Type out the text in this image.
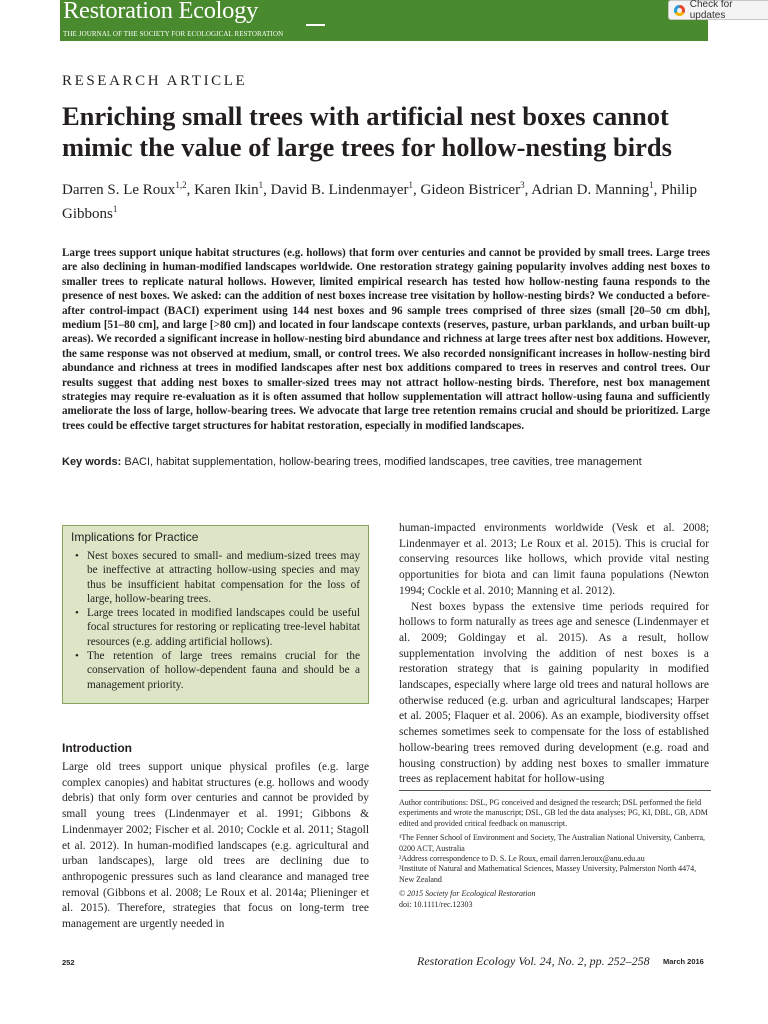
Restoration Ecology
THE JOURNAL OF THE SOCIETY FOR ECOLOGICAL RESTORATION
Check for updates
RESEARCH ARTICLE
Enriching small trees with artificial nest boxes cannot mimic the value of large trees for hollow-nesting birds
Darren S. Le Roux$^{1,2}$, Karen Ikin$^1$, David B. Lindenmayer$^1$, Gideon Bistricer$^3$, Adrian D. Manning$^1$, Philip Gibbons$^1$

Large trees support unique habitat structures (e.g. hollows) that form over centuries and cannot be provided by small trees. Large trees are also declining in human-modified landscapes worldwide. One restoration strategy gaining popularity involves adding nest boxes to smaller trees to replicate natural hollows. However, limited empirical research has tested how hollow-nesting fauna responds to the presence of nest boxes. We asked: can the addition of nest boxes increase tree visitation by hollow-nesting birds? We conducted a before-after control-impact (BACI) experiment using 144 nest boxes and 96 sample trees comprised of three sizes (small [20–50 cm dbh], medium [51–80 cm], and large [>80 cm]) and located in four landscape contexts (reserves, pasture, urban parklands, and urban built-up areas). We recorded a significant increase in hollow-nesting bird abundance and richness at large trees after nest box additions. However, the same response was not observed at medium, small, or control trees. We also recorded nonsignificant increases in hollow-nesting bird abundance and richness at trees in modified landscapes after nest box additions compared to trees in reserves and control trees. Our results suggest that adding nest boxes to smaller-sized trees may not attract hollow-nesting birds. Therefore, nest box management strategies may require re-evaluation as it is often assumed that hollow supplementation will attract hollow-using fauna and sufficiently ameliorate the loss of large, hollow-bearing trees. We advocate that large tree retention remains crucial and should be prioritized. Large trees could be effective target structures for habitat restoration, especially in modified landscapes.

Key words: BACI, habitat supplementation, hollow-bearing trees, modified landscapes, tree cavities, tree management
Implications for Practice
• Nest boxes secured to small- and medium-sized trees may be ineffective at attracting hollow-using species and may thus be insufficient habitat compensation for the loss of large, hollow-bearing trees.
• Large trees located in modified landscapes could be useful focal structures for restoring or replicating tree-level habitat resources (e.g. adding artificial hollows).
• The retention of large trees remains crucial for the conservation of hollow-dependent fauna and should be a management priority.
Introduction

Large old trees support unique physical profiles (e.g. large complex canopies) and habitat structures (e.g. hollows and woody debris) that only form over centuries and cannot be provided by small young trees (Lindenmayer et al. 1991; Gibbons & Lindenmayer 2002; Fischer et al. 2010; Cockle et al. 2011; Stagoll et al. 2012). In human-modified landscapes (e.g. agricultural and urban landscapes), large old trees are declining due to anthropogenic pressures such as land clearance and managed tree removal (Gibbons et al. 2008; Le Roux et al. 2014a; Plieninger et al. 2015). Therefore, strategies that focus on long-term tree management are urgently needed in

human-impacted environments worldwide (Vesk et al. 2008; Lindenmayer et al. 2013; Le Roux et al. 2015). This is crucial for conserving resources like hollows, which provide vital nesting opportunities for biota and can limit fauna populations (Newton 1994; Cockle et al. 2010; Manning et al. 2012).

Nest boxes bypass the extensive time periods required for hollows to form naturally as trees age and senesce (Lindenmayer et al. 2009; Goldingay et al. 2015). As a result, hollow supplementation involving the addition of nest boxes is a restoration strategy that is gaining popularity in modified landscapes, especially where large old trees and natural hollows are otherwise reduced (e.g. urban and agricultural landscapes; Harper et al. 2005; Flaquer et al. 2006). As an example, biodiversity offset schemes sometimes seek to compensate for the loss of established hollow-bearing trees removed during development (e.g. road and housing construction) by adding nest boxes to smaller immature trees as replacement habitat for hollow-using

Author contributions: DSL, PG conceived and designed the research; DSL performed the field experiments and wrote the manuscript; DSL, GB led the data analyses; PG, KI, DBL, GB, ADM edited and provided critical feedback on manuscript.

¹The Fenner School of Environment and Society, The Australian National University, Canberra, 0200 ACT, Australia

²Address correspondence to D. S. Le Roux, email darren.leroux@anu.edu.au

³Institute of Natural and Mathematical Sciences, Massey University, Palmerston North 4474, New Zealand

© 2015 Society for Ecological Restoration

doi: 10.1111/rec.12303

252	Restoration Ecology Vol. 24, No. 2, pp. 252–258 March 2016
